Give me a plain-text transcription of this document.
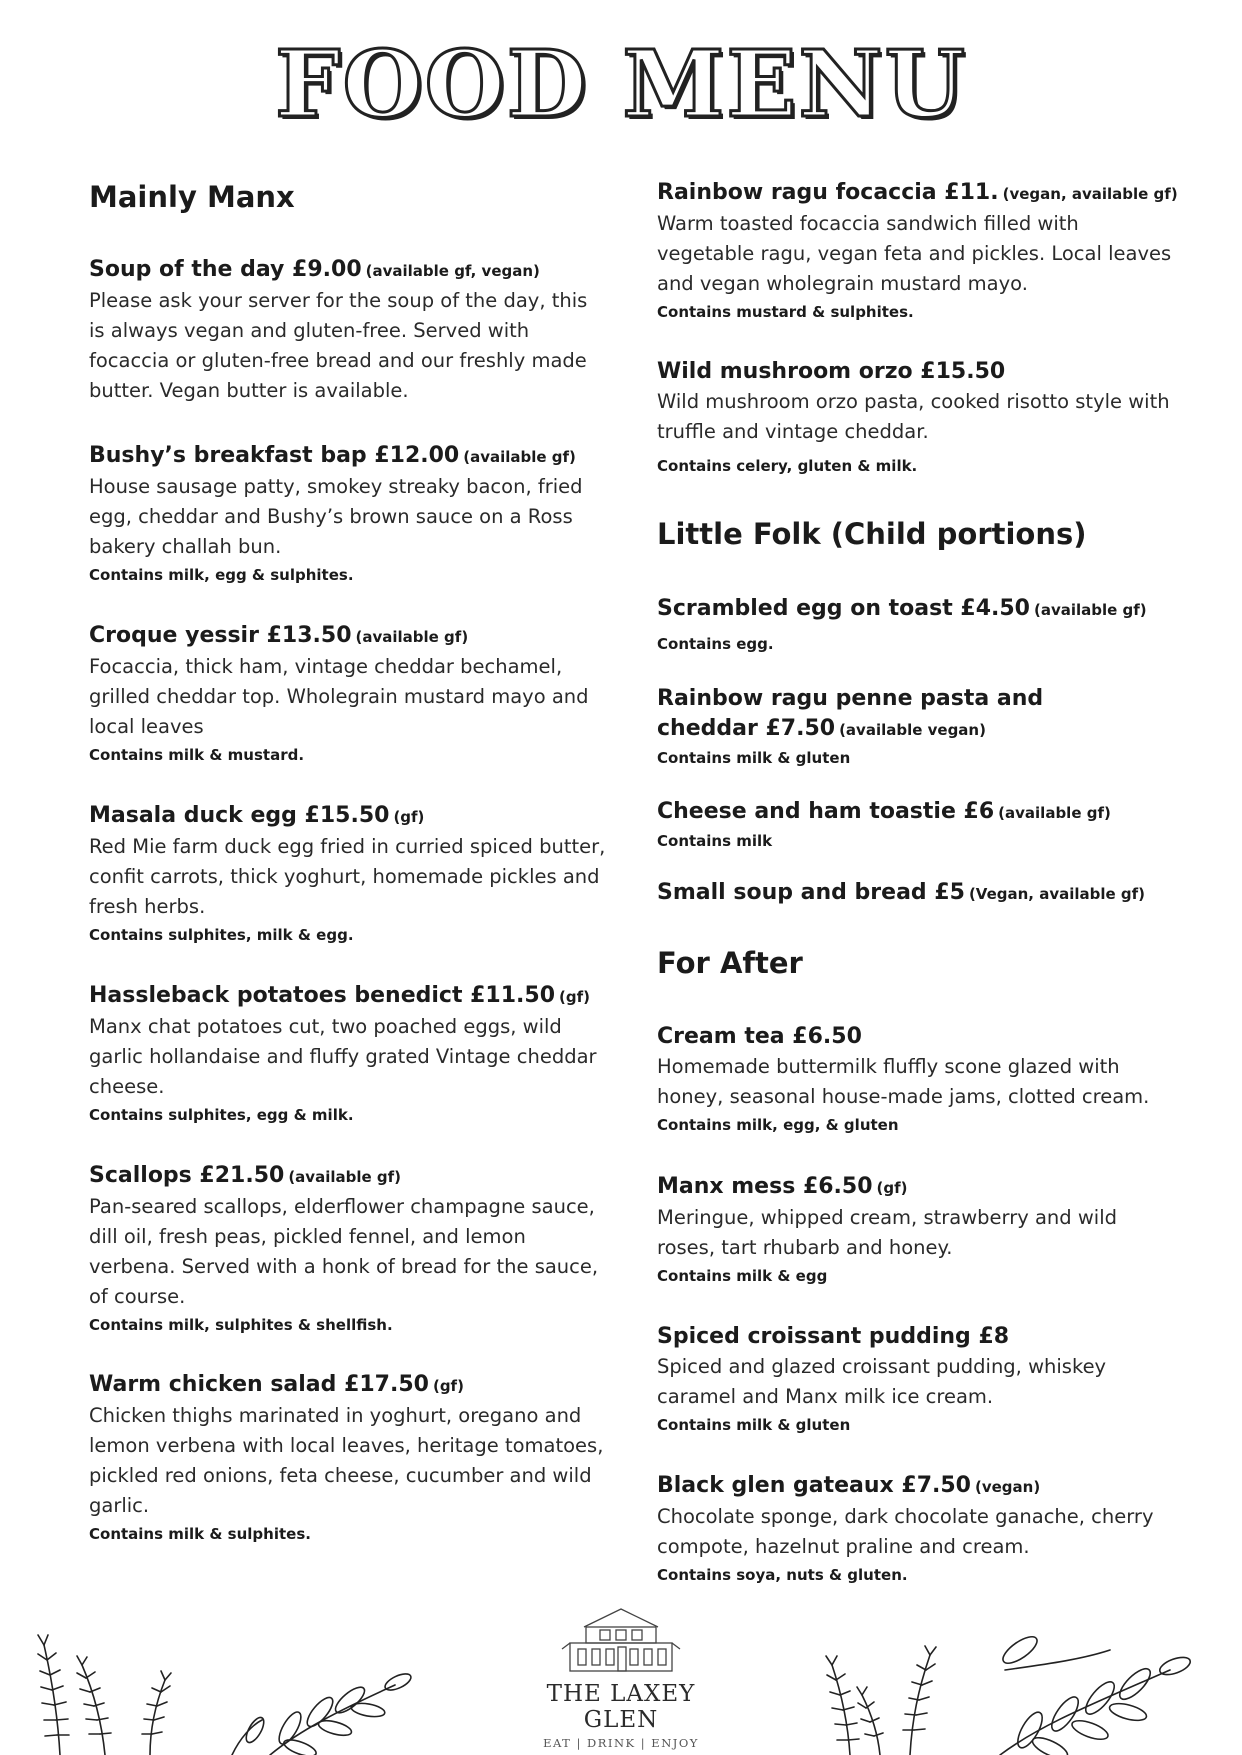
FOOD MENU
Mainly Manx
Soup of the day £9.00 (available gf, vegan)
Please ask your server for the soup of the day, this is always vegan and gluten-free. Served with focaccia or gluten-free bread and our freshly made butter. Vegan butter is available.
Bushy’s breakfast bap £12.00 (available gf)
House sausage patty, smokey streaky bacon, fried egg, cheddar and Bushy’s brown sauce on a Ross bakery challah bun.
Contains milk, egg & sulphites.
Croque yessir £13.50 (available gf)
Focaccia, thick ham, vintage cheddar bechamel, grilled cheddar top. Wholegrain mustard mayo and local leaves
Contains milk & mustard.
Masala duck egg £15.50 (gf)
Red Mie farm duck egg fried in curried spiced butter, confit carrots, thick yoghurt, homemade pickles and fresh herbs.
Contains sulphites, milk & egg.
Hassleback potatoes benedict £11.50 (gf)
Manx chat potatoes cut, two poached eggs, wild garlic hollandaise and fluffy grated Vintage cheddar cheese.
Contains sulphites, egg & milk.
Scallops £21.50 (available gf)
Pan-seared scallops, elderflower champagne sauce, dill oil, fresh peas, pickled fennel, and lemon verbena. Served with a honk of bread for the sauce, of course.
Contains milk, sulphites & shellfish.
Warm chicken salad £17.50 (gf)
Chicken thighs marinated in yoghurt, oregano and lemon verbena with local leaves, heritage tomatoes, pickled red onions, feta cheese, cucumber and wild garlic.
Contains milk & sulphites.
Rainbow ragu focaccia £11. (vegan, available gf)
Warm toasted focaccia sandwich filled with vegetable ragu, vegan feta and pickles. Local leaves and vegan wholegrain mustard mayo.
Contains mustard & sulphites.
Wild mushroom orzo £15.50
Wild mushroom orzo pasta, cooked risotto style with truffle and vintage cheddar.
Contains celery, gluten & milk.
Little Folk (Child portions)
Scrambled egg on toast £4.50 (available gf)
Contains egg.
Rainbow ragu penne pasta and cheddar £7.50 (available vegan)
Contains milk & gluten
Cheese and ham toastie £6 (available gf)
Contains milk
Small soup and bread £5 (Vegan, available gf)
For After
Cream tea £6.50
Homemade buttermilk fluffly scone glazed with honey, seasonal house-made jams, clotted cream.
Contains milk, egg, & gluten
Manx mess £6.50 (gf)
Meringue, whipped cream, strawberry and wild roses, tart rhubarb and honey.
Contains milk & egg
Spiced croissant pudding £8
Spiced and glazed croissant pudding, whiskey caramel and Manx milk ice cream.
Contains milk & gluten
Black glen gateaux £7.50 (vegan)
Chocolate sponge, dark chocolate ganache, cherry compote, hazelnut praline and cream.
Contains soya, nuts & gluten.
THE LAXEY GLEN
EAT | DRINK | ENJOY
